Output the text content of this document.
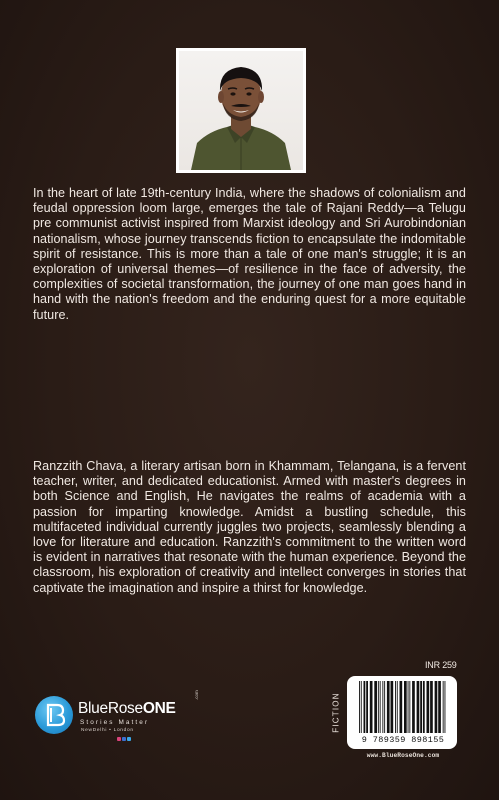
In the heart of late 19th-century India, where the shadows of colonialism and feudal oppression loom large, emerges the tale of Rajani Reddy—a Telugu pre communist activist inspired from Marxist ideology and Sri Aurobindonian nationalism, whose journey transcends fiction to encapsulate the indomitable spirit of resistance. This is more than a tale of one man's struggle; it is an exploration of universal themes—of resilience in the face of adversity, the complexities of societal transformation, the journey of one man goes hand in hand with the nation's freedom and the enduring quest for a more equitable future.

Ranzzith Chava, a literary artisan born in Khammam, Telangana, is a fervent teacher, writer, and dedicated educationist. Armed with master's degrees in both Science and English, He navigates the realms of academia with a passion for imparting knowledge. Amidst a bustling schedule, this multifaceted individual currently juggles two projects, seamlessly blending a love for literature and education. Ranzzith's commitment to the written word is evident in narratives that resonate with the human experience. Beyond the classroom, his exploration of creativity and intellect converges in stories that captivate the imagination and inspire a thirst for knowledge.

INR 259
FICTION
9 789359 898155
www.BlueRoseOne.com
BlueRoseONE
.com
Stories Matter
NewDelhi • London
